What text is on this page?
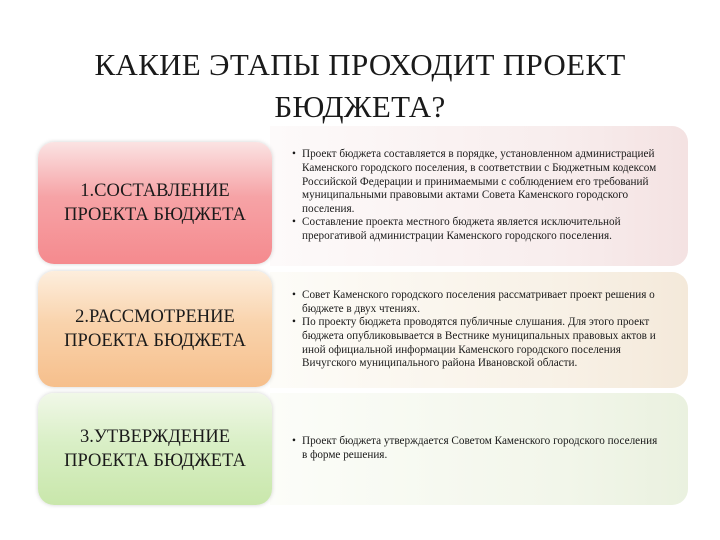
КАКИЕ ЭТАПЫ ПРОХОДИТ ПРОЕКТ БЮДЖЕТА?
• Проект бюджета составляется в порядке, установленном администрацией Каменского городского поселения, в соответствии с Бюджетным кодексом Российской Федерации и принимаемыми с соблюдением его требований муниципальными правовыми актами Совета Каменского городского поселения.
• Составление проекта местного бюджета является исключительной прерогативой администрации Каменского городского поселения.
1.СОСТАВЛЕНИЕ ПРОЕКТА БЮДЖЕТА
• Совет Каменского городского поселения рассматривает проект решения о бюджете в двух чтениях.
• По проекту бюджета проводятся публичные слушания. Для этого проект бюджета опубликовывается в Вестнике муниципальных правовых актов и иной официальной информации Каменского городского поселения Вичугского муниципального района Ивановской области.
2.РАССМОТРЕНИЕ ПРОЕКТА БЮДЖЕТА
• Проект бюджета утверждается Советом Каменского городского поселения в форме решения.
3.УТВЕРЖДЕНИЕ ПРОЕКТА БЮДЖЕТА
